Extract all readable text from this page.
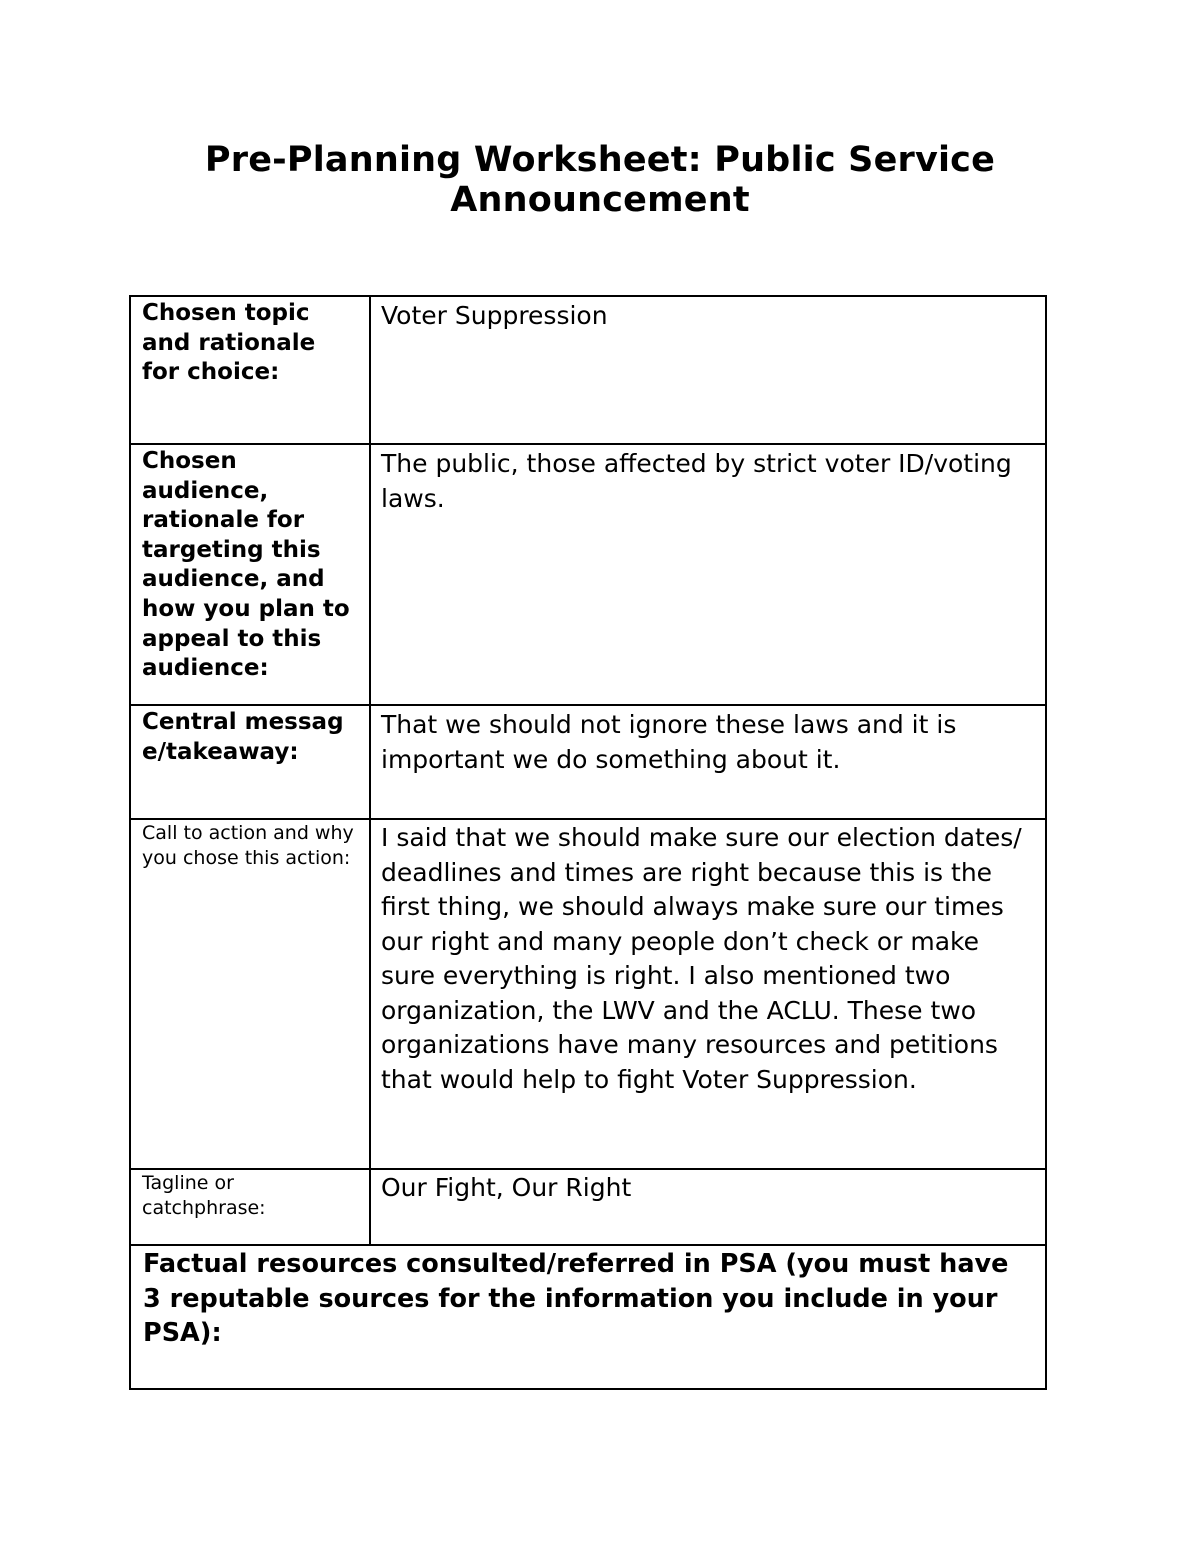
Pre-Planning Worksheet: Public Service
Announcement
Chosen topic and rationale for choice:	Voter Suppression

Chosen audience, rationale for targeting this audience, and how you plan to appeal to this audience:	The public, those affected by strict voter ID/voting laws.

Central message/takeaway:	That we should not ignore these laws and it is important we do something about it.

Call to action and why you chose this action:	I said that we should make sure our election dates/ deadlines and times are right because this is the first thing, we should always make sure our times our right and many people don’t check or make sure everything is right. I also mentioned two organization, the LWV and the ACLU. These two organizations have many resources and petitions that would help to fight Voter Suppression.

Tagline or catchphrase:	Our Fight, Our Right

Factual resources consulted/referred in PSA (you must have 3 reputable sources for the information you include in your PSA):	
